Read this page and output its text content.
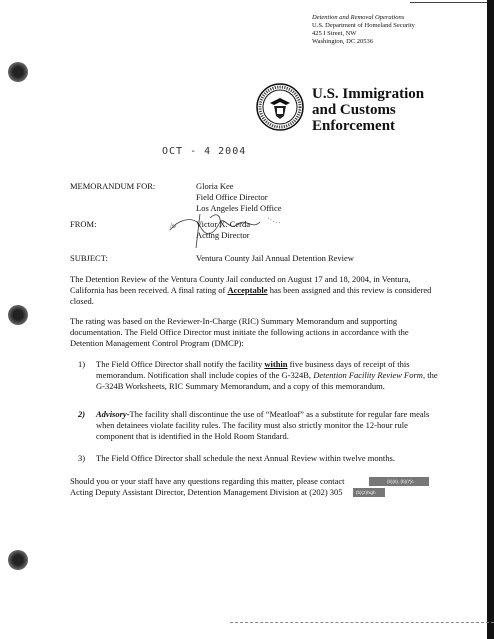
Detention and Removal Operations
U.S. Department of Homeland Security
425 I Street, NW
Washington, DC 20536
U.S. Immigration
and Customs
Enforcement
OCT - 4 2004
MEMORANDUM FOR:	Gloria Kee
Field Office Director
Los Angeles Field Office
FROM:	/s/ Victor X. Cerda
Acting Director
SUBJECT:	Ventura County Jail Annual Detention Review
The Detention Review of the Ventura County Jail conducted on August 17 and 18, 2004, in Ventura, California has been received. A final rating of Acceptable has been assigned and this review is considered closed.
The rating was based on the Reviewer-In-Charge (RIC) Summary Memorandum and supporting documentation. The Field Office Director must initiate the following actions in accordance with the Detention Management Control Program (DMCP):
1) The Field Office Director shall notify the facility within five business days of receipt of this memorandum. Notification shall include copies of the G-324B, Detention Facility Review Form, the G-324B Worksheets, RIC Summary Memorandum, and a copy of this memorandum.
2) Advisory-The facility shall discontinue the use of “Meatloaf” as a substitute for regular fare meals when detainees violate facility rules. The facility must also strictly monitor the 12-hour rule component that is identified in the Hold Room Standard.
3) The Field Office Director shall schedule the next Annual Review within twelve months.
Should you or your staff have any questions regarding this matter, please contact	(b)(6), (b)(7)c
Acting Deputy Assistant Director, Detention Management Division at (202) 305	(b)(2)high
